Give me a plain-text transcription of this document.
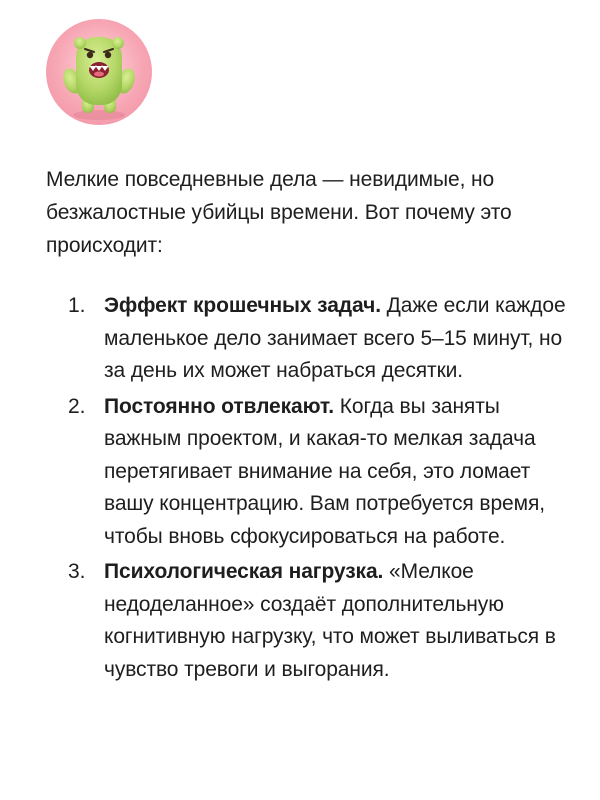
Мелкие повседневные дела — невидимые, но безжалостные убийцы времени. Вот почему это происходит:

1. Эффект крошечных задач. Даже если каждое маленькое дело занимает всего 5–15 минут, но за день их может набраться десятки.
2. Постоянно отвлекают. Когда вы заняты важным проектом, и какая-то мелкая задача перетягивает внимание на себя, это ломает вашу концентрацию. Вам потребуется время, чтобы вновь сфокусироваться на работе.
3. Психологическая нагрузка. «Мелкое недоделанное» создаёт дополнительную когнитивную нагрузку, что может выливаться в чувство тревоги и выгорания.
